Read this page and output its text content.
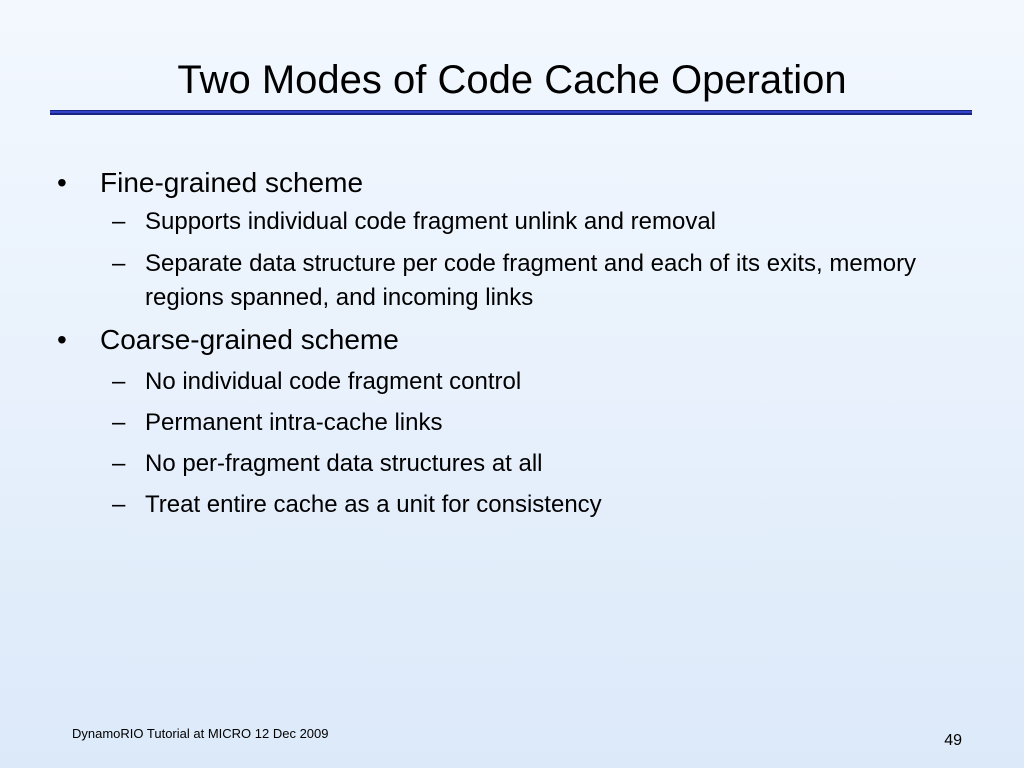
Two Modes of Code Cache Operation
• Fine-grained scheme
– Supports individual code fragment unlink and removal
– Separate data structure per code fragment and each of its exits, memory regions spanned, and incoming links
• Coarse-grained scheme
– No individual code fragment control
– Permanent intra-cache links
– No per-fragment data structures at all
– Treat entire cache as a unit for consistency
DynamoRIO Tutorial at MICRO 12 Dec 2009	49
